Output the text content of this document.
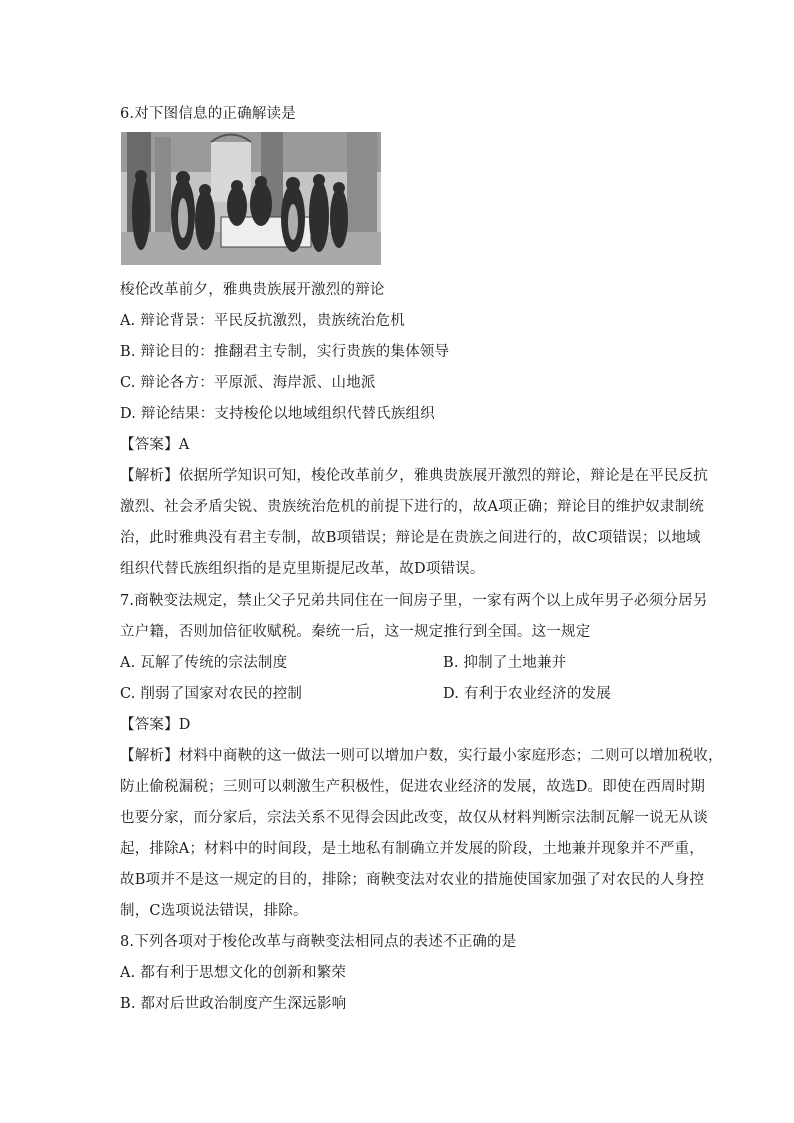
6.对下图信息的正确解读是
梭伦改革前夕，雅典贵族展开激烈的辩论
A. 辩论背景：平民反抗激烈，贵族统治危机
B. 辩论目的：推翻君主专制，实行贵族的集体领导
C. 辩论各方：平原派、海岸派、山地派
D. 辩论结果：支持梭伦以地域组织代替氏族组织
【答案】A
【解析】依据所学知识可知，梭伦改革前夕，雅典贵族展开激烈的辩论，辩论是在平民反抗
激烈、社会矛盾尖锐、贵族统治危机的前提下进行的，故A项正确；辩论目的维护奴隶制统
治，此时雅典没有君主专制，故B项错误；辩论是在贵族之间进行的，故C项错误；以地域
组织代替氏族组织指的是克里斯提尼改革，故D项错误。
7.商鞅变法规定，禁止父子兄弟共同住在一间房子里，一家有两个以上成年男子必须分居另
立户籍，否则加倍征收赋税。秦统一后，这一规定推行到全国。这一规定
A. 瓦解了传统的宗法制度	B. 抑制了土地兼并
C. 削弱了国家对农民的控制	D. 有利于农业经济的发展
【答案】D
【解析】材料中商鞅的这一做法一则可以增加户数，实行最小家庭形态；二则可以增加税收，
防止偷税漏税；三则可以刺激生产积极性，促进农业经济的发展，故选D。即使在西周时期
也要分家，而分家后，宗法关系不见得会因此改变，故仅从材料判断宗法制瓦解一说无从谈
起，排除A；材料中的时间段，是土地私有制确立并发展的阶段，土地兼并现象并不严重，
故B项并不是这一规定的目的，排除；商鞅变法对农业的措施使国家加强了对农民的人身控
制，C选项说法错误，排除。
8.下列各项对于梭伦改革与商鞅变法相同点的表述不正确的是
A. 都有利于思想文化的创新和繁荣
B. 都对后世政治制度产生深远影响
